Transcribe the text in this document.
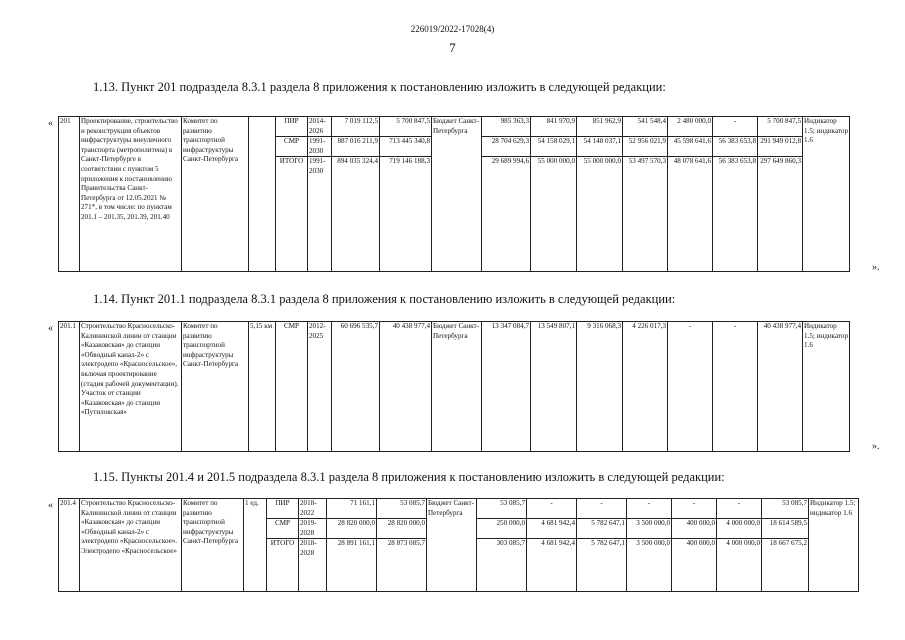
226019/2022-17028(4)
7
1.13. Пункт 201 подраздела 8.3.1 раздела 8 приложения к постановлению изложить в следующей редакции:
« 201	Проектирование, строительство и реконструкция объектов инфраструктуры внеуличного транспорта (метрополитена) в Санкт-Петербурге в соответствии с пунктом 5 приложения к постановлению Правительства Санкт-Петербурга от 12.05.2021 № 271*, в том числе: по пунктам 201.1 – 201.35, 201.39, 201.40	Комитет по развитию транспортной инфраструктуры Санкт-Петербурга		ПИР	2014-2026	7 019 112,5	5 700 847,5	Бюджет Санкт-Петербурга	985 363,3	841 970,9	851 962,9	541 548,4	2 480 000,0	-	5 700 847,5	Индикатор 1.5; индикатор 1.6
				СМР	1991-2030	887 016 211,9	713 445 340,8		28 704 629,3	54 158 029,1	54 148 037,1	52 956 021,9	45 598 641,6	56 383 653,8	291 949 012,8	
				ИТОГО	1991-2030	894 035 324,4	719 146 188,3		29 689 994,6	55 000 000,0	55 000 000,0	53 497 570,3	48 078 641,6	56 383 653,8	297 649 860,3	
».
1.14. Пункт 201.1 подраздела 8.3.1 раздела 8 приложения к постановлению изложить в следующей редакции:
« 201.1	Строительство Красносельско-Калининской линии от станции «Казаковская» до станции «Обводный канал-2» с электродепо «Красносельское», включая проектирование (стадия рабочей документации). Участок от станции «Казаковская» до станции «Путиловская»	Комитет по развитию транспортной инфраструктуры Санкт-Петербурга	5,15 км	СМР	2012-2025	60 696 535,7	40 438 977,4	Бюджет Санкт-Петербурга	13 347 084,7	13 549 807,1	9 316 068,3	4 226 017,3	-	-	40 438 977,4	Индикатор 1.5; индикатор 1.6
».
1.15. Пункты 201.4 и 201.5 подраздела 8.3.1 раздела 8 приложения к постановлению изложить в следующей редакции:
« 201.4	Строительство Красносельско-Калининской линии от станции «Казаковская» до станции «Обводный канал-2» с электродепо «Красносельское». Электродепо «Красносельское»	Комитет по развитию транспортной инфраструктуры Санкт-Петербурга	1 ед.	ПИР	2018-2022	71 161,1	53 085,7	Бюджет Санкт-Петербурга	53 085,7	-	-	-	-	-	53 085,7	Индикатор 1.5; индикатор 1.6
				СМР	2019-2028	28 820 000,0	28 820 000,0		250 000,0	4 681 942,4	5 782 647,1	3 500 000,0	400 000,0	4 000 000,0	18 614 589,5	
				ИТОГО	2018-2028	28 891 161,1	28 873 085,7		303 085,7	4 681 942,4	5 782 647,1	3 500 000,0	400 000,0	4 000 000,0	18 667 675,2	
